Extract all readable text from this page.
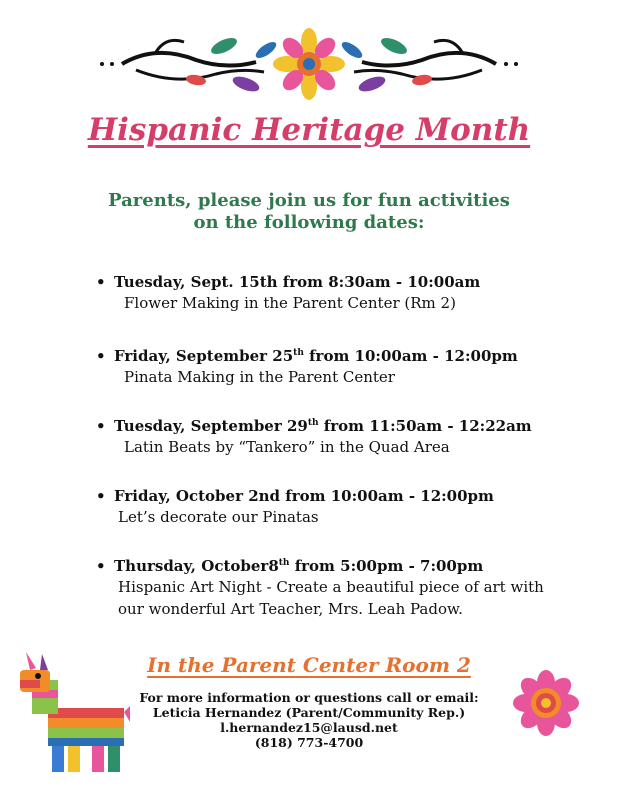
Hispanic Heritage Month
Parents, please join us for fun activities
on the following dates:
• Tuesday, Sept. 15th from 8:30am - 10:00am
Flower Making in the Parent Center (Rm 2)
• Friday, September 25th from 10:00am - 12:00pm
Pinata Making in the Parent Center
• Tuesday, September 29th from 11:50am - 12:22am
Latin Beats by “Tankero” in the Quad Area
• Friday, October 2nd from 10:00am - 12:00pm
Let’s decorate our Pinatas
• Thursday, October8th from 5:00pm - 7:00pm
Hispanic Art Night - Create a beautiful piece of art with
our wonderful Art Teacher, Mrs. Leah Padow.
In the Parent Center Room 2
For more information or questions call or email:
Leticia Hernandez (Parent/Community Rep.)
l.hernandez15@lausd.net
(818) 773-4700
